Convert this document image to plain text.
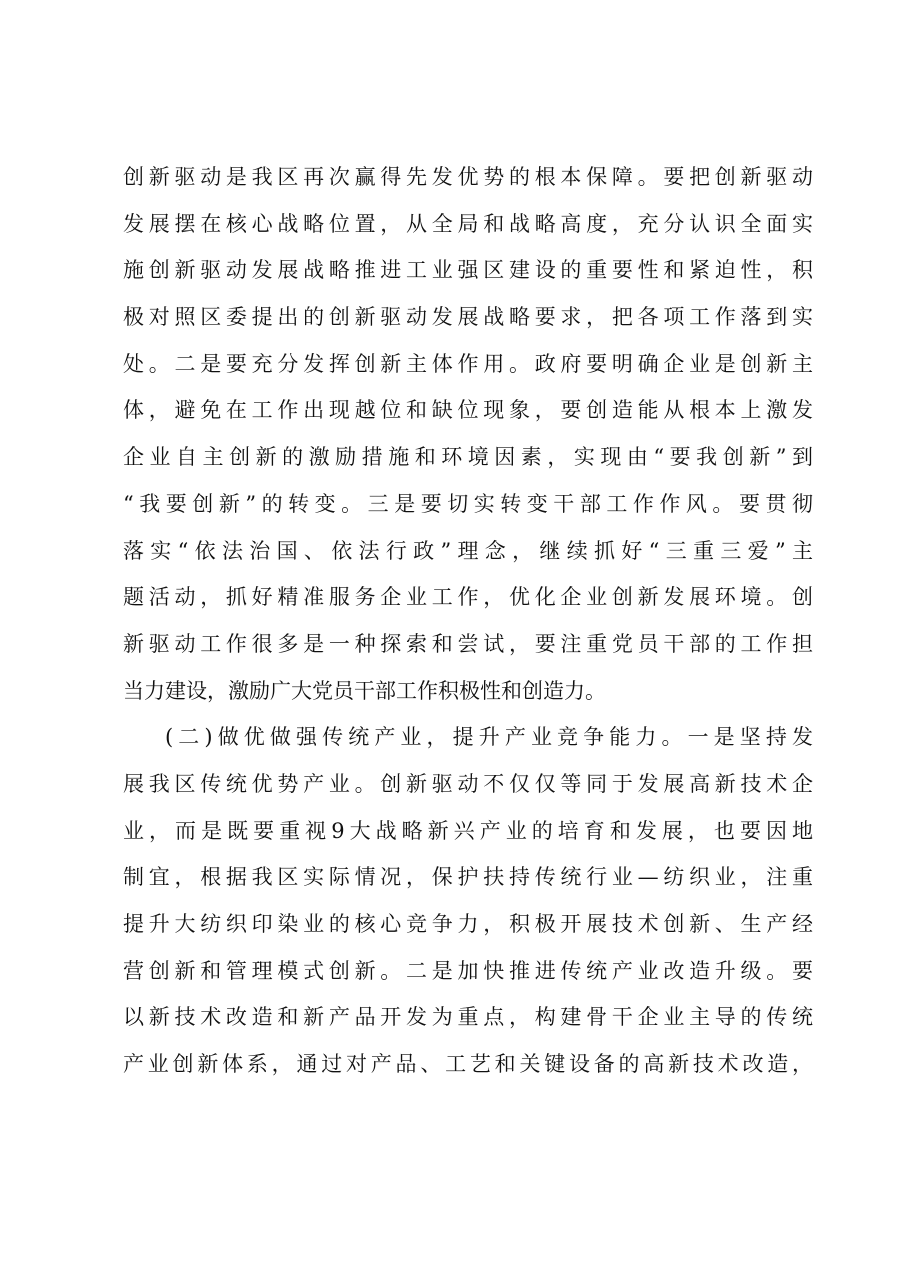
创新驱动是我区再次赢得先发优势的根本保障。要把创新驱动
发展摆在核心战略位置，从全局和战略高度，充分认识全面实
施创新驱动发展战略推进工业强区建设的重要性和紧迫性，积
极对照区委提出的创新驱动发展战略要求，把各项工作落到实
处。二是要充分发挥创新主体作用。政府要明确企业是创新主
体，避免在工作出现越位和缺位现象，要创造能从根本上激发
企业自主创新的激励措施和环境因素，实现由“要我创新”到
“我要创新”的转变。三是要切实转变干部工作作风。要贯彻
落实“依法治国、依法行政”理念，继续抓好“三重三爱”主
题活动，抓好精准服务企业工作，优化企业创新发展环境。创
新驱动工作很多是一种探索和尝试，要注重党员干部的工作担
当力建设，激励广大党员干部工作积极性和创造力。
(二)做优做强传统产业，提升产业竞争能力。一是坚持发
展我区传统优势产业。创新驱动不仅仅等同于发展高新技术企
业，而是既要重视9大战略新兴产业的培育和发展，也要因地
制宜，根据我区实际情况，保护扶持传统行业—纺织业，注重
提升大纺织印染业的核心竞争力，积极开展技术创新、生产经
营创新和管理模式创新。二是加快推进传统产业改造升级。要
以新技术改造和新产品开发为重点，构建骨干企业主导的传统
产业创新体系，通过对产品、工艺和关键设备的高新技术改造，
